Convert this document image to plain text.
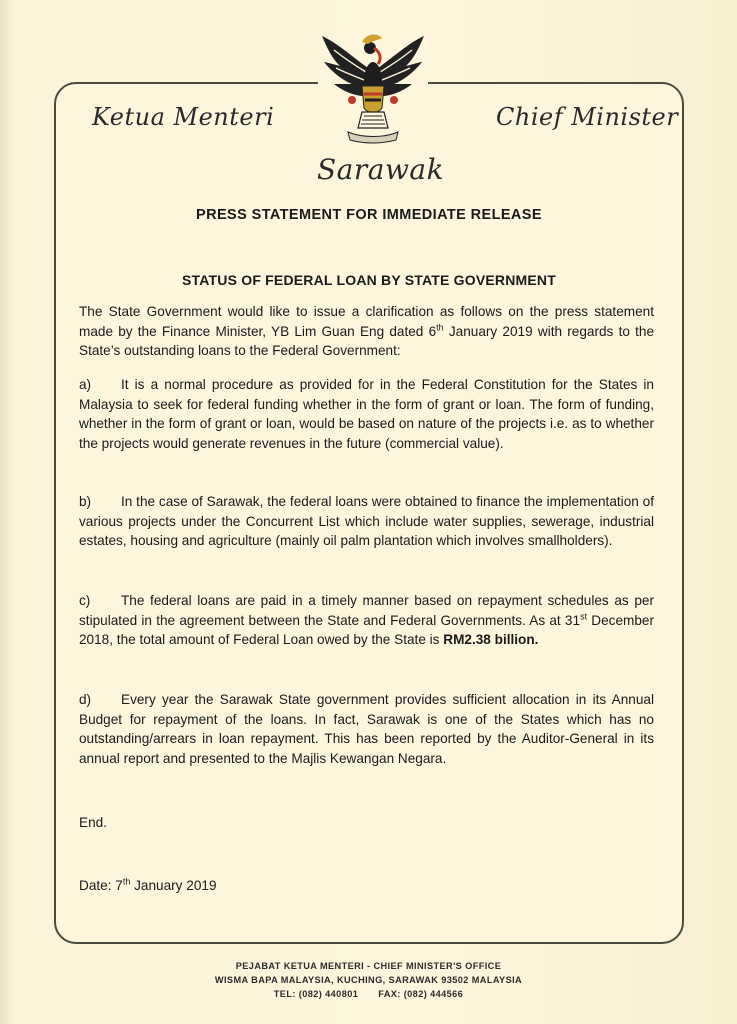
Ketua Menteri	Chief Minister
Sarawak
PRESS STATEMENT FOR IMMEDIATE RELEASE
STATUS OF FEDERAL LOAN BY STATE GOVERNMENT
The State Government would like to issue a clarification as follows on the press statement made by the Finance Minister, YB Lim Guan Eng dated 6th January 2019 with regards to the State’s outstanding loans to the Federal Government:
a) It is a normal procedure as provided for in the Federal Constitution for the States in Malaysia to seek for federal funding whether in the form of grant or loan. The form of funding, whether in the form of grant or loan, would be based on nature of the projects i.e. as to whether the projects would generate revenues in the future (commercial value).
b) In the case of Sarawak, the federal loans were obtained to finance the implementation of various projects under the Concurrent List which include water supplies, sewerage, industrial estates, housing and agriculture (mainly oil palm plantation which involves smallholders).
c) The federal loans are paid in a timely manner based on repayment schedules as per stipulated in the agreement between the State and Federal Governments. As at 31st December 2018, the total amount of Federal Loan owed by the State is RM2.38 billion.
d) Every year the Sarawak State government provides sufficient allocation in its Annual Budget for repayment of the loans. In fact, Sarawak is one of the States which has no outstanding/arrears in loan repayment. This has been reported by the Auditor-General in its annual report and presented to the Majlis Kewangan Negara.
End.
Date: 7th January 2019
PEJABAT KETUA MENTERI - CHIEF MINISTER'S OFFICE
WISMA BAPA MALAYSIA, KUCHING, SARAWAK 93502 MALAYSIA
TEL: (082) 440801 FAX: (082) 444566
